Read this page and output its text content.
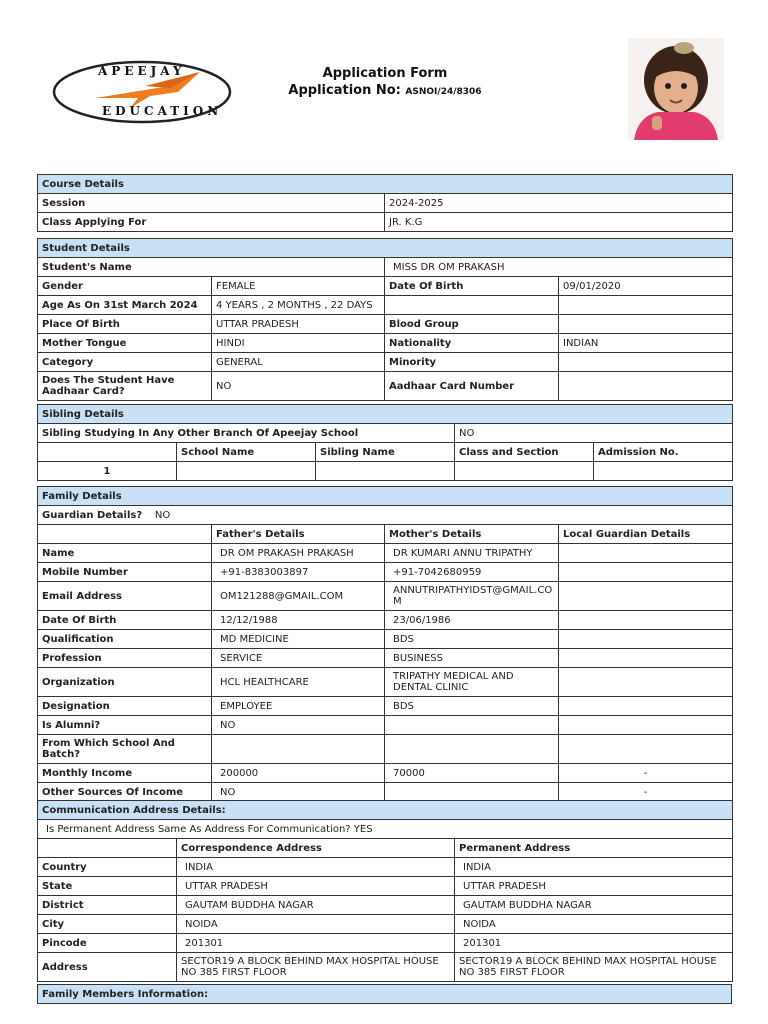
APEEJAY
EDUCATION
Application Form
Application No: ASNOI/24/8306
Course Details	
Session	2024-2025
Class Applying For	JR. K.G
Student Details			
Student's Name		MISS DR OM PRAKASH	
Gender	FEMALE	Date Of Birth	09/01/2020
Age As On 31st March 2024	4 YEARS , 2 MONTHS , 22 DAYS		
Place Of Birth	UTTAR PRADESH	Blood Group	
Mother Tongue	HINDI	Nationality	INDIAN
Category	GENERAL	Minority	
Does The Student Have Aadhaar Card?	NO	Aadhaar Card Number	
Sibling Details				
Sibling Studying In Any Other Branch Of Apeejay School			NO	
	School Name	Sibling Name	Class and Section	Admission No.
1				
Family Details			
Guardian Details? NO			
	Father's Details	Mother's Details	Local Guardian Details
Name	DR OM PRAKASH PRAKASH	DR KUMARI ANNU TRIPATHY	
Mobile Number	+91-8383003897	+91-7042680959	
Email Address	OM121288@GMAIL.COM	ANNUTRIPATHYIDST@GMAIL.COM	
Date Of Birth	12/12/1988	23/06/1986	
Qualification	MD MEDICINE	BDS	
Profession	SERVICE	BUSINESS	
Organization	HCL HEALTHCARE	TRIPATHY MEDICAL AND DENTAL CLINIC	
Designation	EMPLOYEE	BDS	
Is Alumni?	NO		
From Which School And Batch?			
Monthly Income	200000	70000	-
Other Sources Of Income	NO		-
Communication Address Details:		
Is Permanent Address Same As Address For Communication? YES		
	Correspondence Address	Permanent Address
Country	INDIA	INDIA
State	UTTAR PRADESH	UTTAR PRADESH
District	GAUTAM BUDDHA NAGAR	GAUTAM BUDDHA NAGAR
City	NOIDA	NOIDA
Pincode	201301	201301
Address	SECTOR19 A BLOCK BEHIND MAX HOSPITAL HOUSE NO 385 FIRST FLOOR	SECTOR19 A BLOCK BEHIND MAX HOSPITAL HOUSE NO 385 FIRST FLOOR
Family Members Information:
